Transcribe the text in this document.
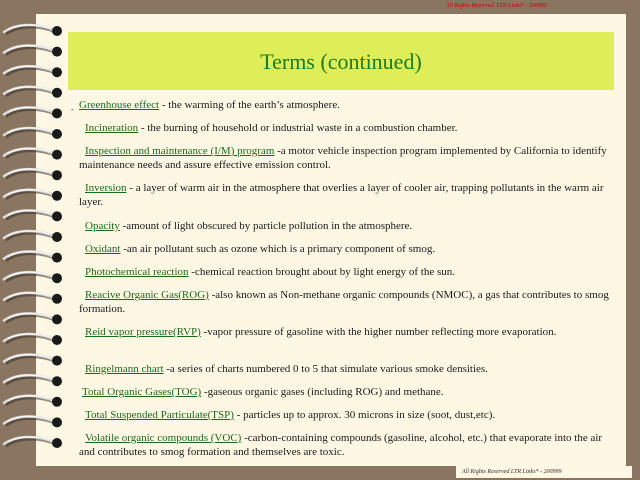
All Rights Reserved. LTR Links* - 200999
Terms (continued)
- Greenhouse effect - the warming of the earth’s atmosphere.
Incineration - the burning of household or industrial waste in a combustion chamber.
Inspection and maintenance (I/M) program -a motor vehicle inspection program implemented by California to identify maintenance needs and assure effective emission control.
Inversion - a layer of warm air in the atmosphere that overlies a layer of cooler air, trapping pollutants in the warm air layer.
Opacity -amount of light obscured by particle pollution in the atmosphere.
Oxidant -an air pollutant such as ozone which is a primary component of smog.
Photochemical reaction -chemical reaction brought about by light energy of the sun.
Reacive Organic Gas(ROG) -also known as Non-methane organic compounds (NMOC), a gas that contributes to smog formation.
Reid vapor pressure(RVP) -vapor pressure of gasoline with the higher number reflecting more evaporation.
Ringelmann chart -a series of charts numbered 0 to 5 that simulate various smoke densities.
Total Organic Gases(TOG) -gaseous organic gases (including ROG) and methane.
Total Suspended Particulate(TSP) - particles up to approx. 30 microns in size (soot, dust,etc).
Volatile organic compounds (VOC) -carbon-containing compounds (gasoline, alcohol, etc.) that evaporate into the air and contributes to smog formation and themselves are toxic.
All Rights Reserved LTR Links* - 200999
